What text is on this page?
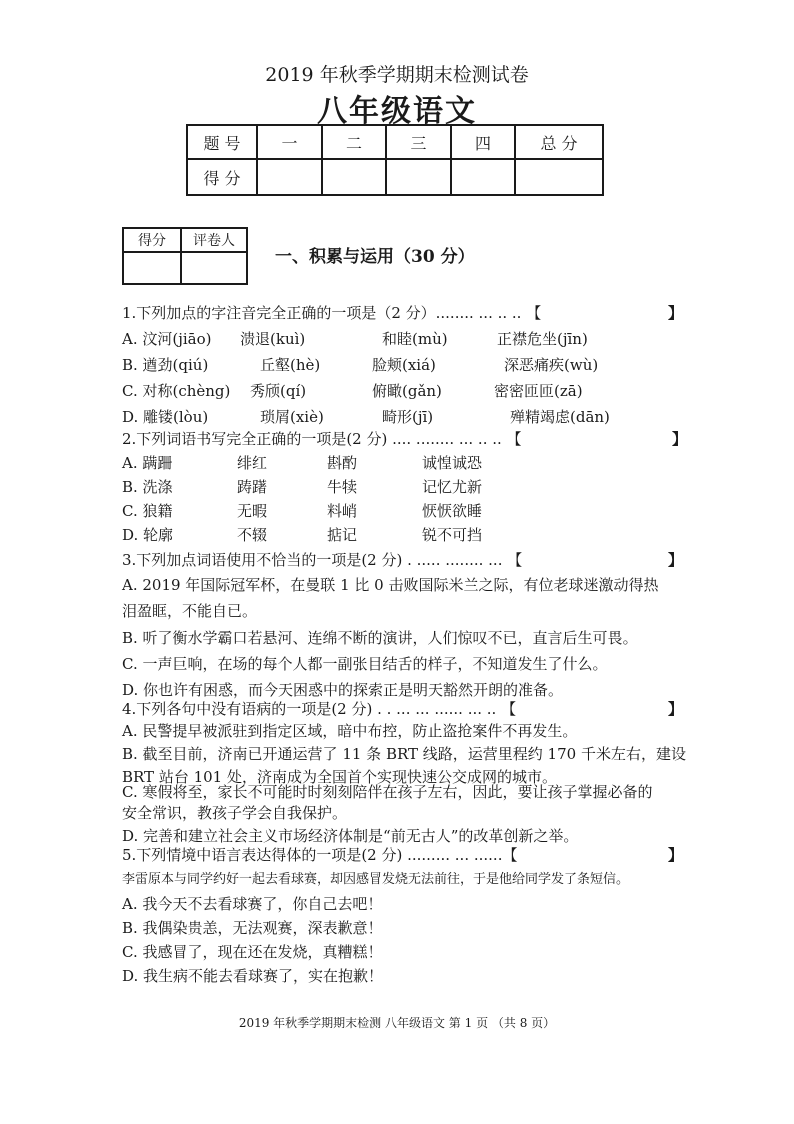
2019 年秋季学期期末检测试卷
八年级语文
题 号	一	二	三	四	总 分
得 分					
得分	评卷人

一、积累与运用（30 分）
1.下列加点的字注音完全正确的一项是（2 分）........ ... .. .. 【	】
A. 汶河(jiāo) 溃退(kuì)	和睦(mù)	正襟危坐(jīn)
B. 遒劲(qiú)	丘壑(hè)	脸颊(xiá)	深恶痛疾(wù)
C. 对称(chèng) 秀颀(qí)	俯瞰(gǎn)	密密匝匝(zā)
D. 雕镂(lòu)	琐屑(xiè)	畸形(jī)	殚精竭虑(dān)
2.下列词语书写完全正确的一项是(2 分) .... ........ ... .. .. 【	】
A. 蹒跚	绯红	斟酌	诚惶诚恐
B. 洗涤	踌躇	牛犊	记忆尤新
C. 狼籍	无暇	料峭	恹恹欲睡
D. 轮廓	不辍	掂记	锐不可挡
3.下列加点词语使用不恰当的一项是(2 分) . ..... ........ ... 【	】
A. 2019 年国际冠军杯，在曼联 1 比 0 击败国际米兰之际，有位老球迷激动得热
泪盈眶，不能自已。
B. 听了衡水学霸口若悬河、连绵不断的演讲，人们惊叹不已，直言后生可畏。
C. 一声巨响，在场的每个人都一副张目结舌的样子，不知道发生了什么。
D. 你也许有困惑，而今天困惑中的探索正是明天豁然开朗的准备。
4.下列各句中没有语病的一项是(2 分) . . ... ... ...... ... .. 【	】
A. 民警提早被派驻到指定区域，暗中布控，防止盗抢案件不再发生。
B. 截至目前，济南已开通运营了 11 条 BRT 线路，运营里程约 170 千米左右，建设
BRT 站台 101 处，济南成为全国首个实现快速公交成网的城市。
C. 寒假将至，家长不可能时时刻刻陪伴在孩子左右，因此，要让孩子掌握必备的
安全常识，教孩子学会自我保护。
D. 完善和建立社会主义市场经济体制是“前无古人”的改革创新之举。
5.下列情境中语言表达得体的一项是(2 分) ......... ... ......【	】
李雷原本与同学约好一起去看球赛，却因感冒发烧无法前往，于是他给同学发了条短信。
A. 我今天不去看球赛了，你自己去吧！
B. 我偶染贵恙，无法观赛，深表歉意！
C. 我感冒了，现在还在发烧，真糟糕！
D. 我生病不能去看球赛了，实在抱歉！
2019 年秋季学期期末检测 八年级语文 第 1 页 （共 8 页）
